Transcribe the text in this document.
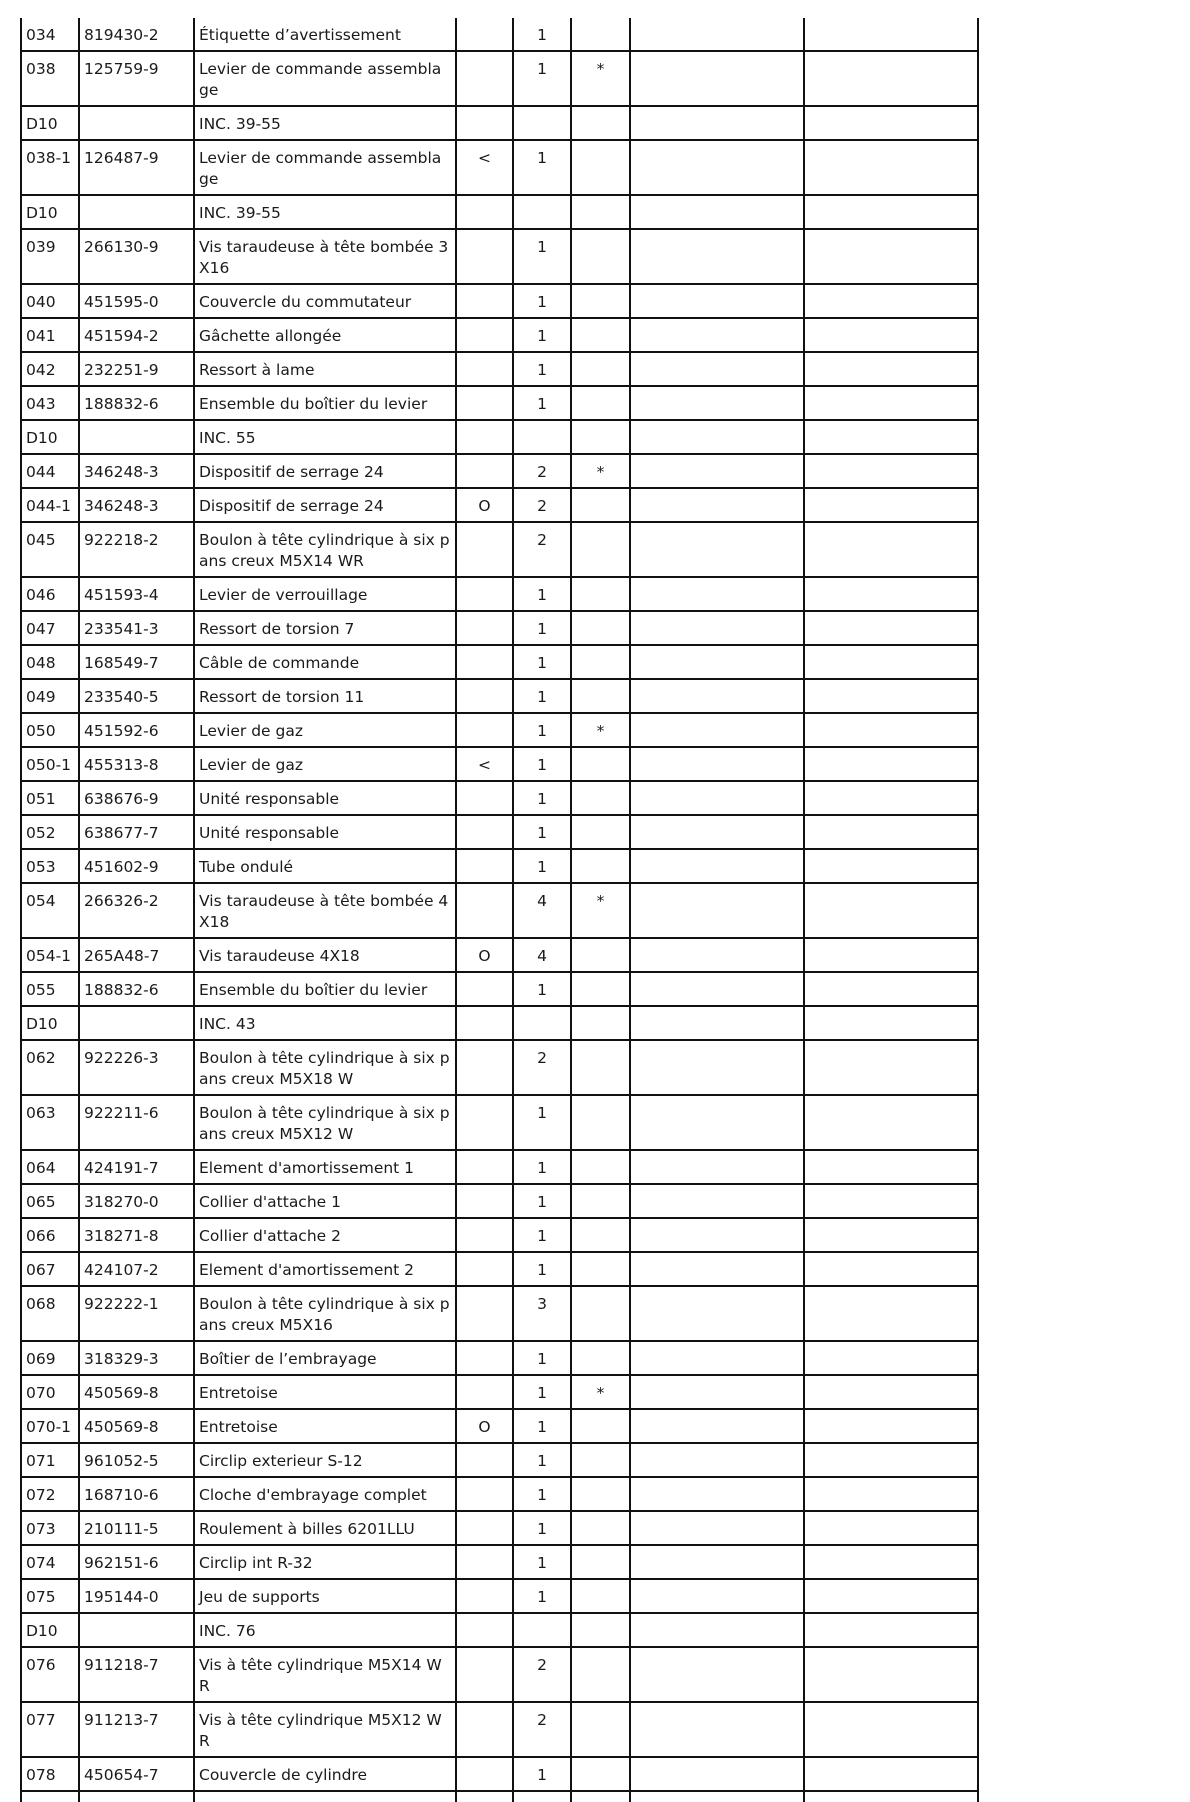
034	819430-2	Étiquette d’avertissement		1			
038	125759-9	Levier de commande assemblage		1	*		
D10		INC. 39-55					
038-1	126487-9	Levier de commande assemblage	<	1			
D10		INC. 39-55					
039	266130-9	Vis taraudeuse à tête bombée 3X16		1			
040	451595-0	Couvercle du commutateur		1			
041	451594-2	Gâchette allongée		1			
042	232251-9	Ressort à lame		1			
043	188832-6	Ensemble du boîtier du levier		1			
D10		INC. 55					
044	346248-3	Dispositif de serrage 24		2	*		
044-1	346248-3	Dispositif de serrage 24	O	2			
045	922218-2	Boulon à tête cylindrique à six pans creux M5X14 WR		2			
046	451593-4	Levier de verrouillage		1			
047	233541-3	Ressort de torsion 7		1			
048	168549-7	Câble de commande		1			
049	233540-5	Ressort de torsion 11		1			
050	451592-6	Levier de gaz		1	*		
050-1	455313-8	Levier de gaz	<	1			
051	638676-9	Unité responsable		1			
052	638677-7	Unité responsable		1			
053	451602-9	Tube ondulé		1			
054	266326-2	Vis taraudeuse à tête bombée 4X18		4	*		
054-1	265A48-7	Vis taraudeuse 4X18	O	4			
055	188832-6	Ensemble du boîtier du levier		1			
D10		INC. 43					
062	922226-3	Boulon à tête cylindrique à six pans creux M5X18 W		2			
063	922211-6	Boulon à tête cylindrique à six pans creux M5X12 W		1			
064	424191-7	Element d'amortissement 1		1			
065	318270-0	Collier d'attache 1		1			
066	318271-8	Collier d'attache 2		1			
067	424107-2	Element d'amortissement 2		1			
068	922222-1	Boulon à tête cylindrique à six pans creux M5X16		3			
069	318329-3	Boîtier de l’embrayage		1			
070	450569-8	Entretoise		1	*		
070-1	450569-8	Entretoise	O	1			
071	961052-5	Circlip exterieur S-12		1			
072	168710-6	Cloche d'embrayage complet		1			
073	210111-5	Roulement à billes 6201LLU		1			
074	962151-6	Circlip int R-32		1			
075	195144-0	Jeu de supports		1			
D10		INC. 76					
076	911218-7	Vis à tête cylindrique M5X14 WR		2			
077	911213-7	Vis à tête cylindrique M5X12 WR		2			
078	450654-7	Couvercle de cylindre		1			
